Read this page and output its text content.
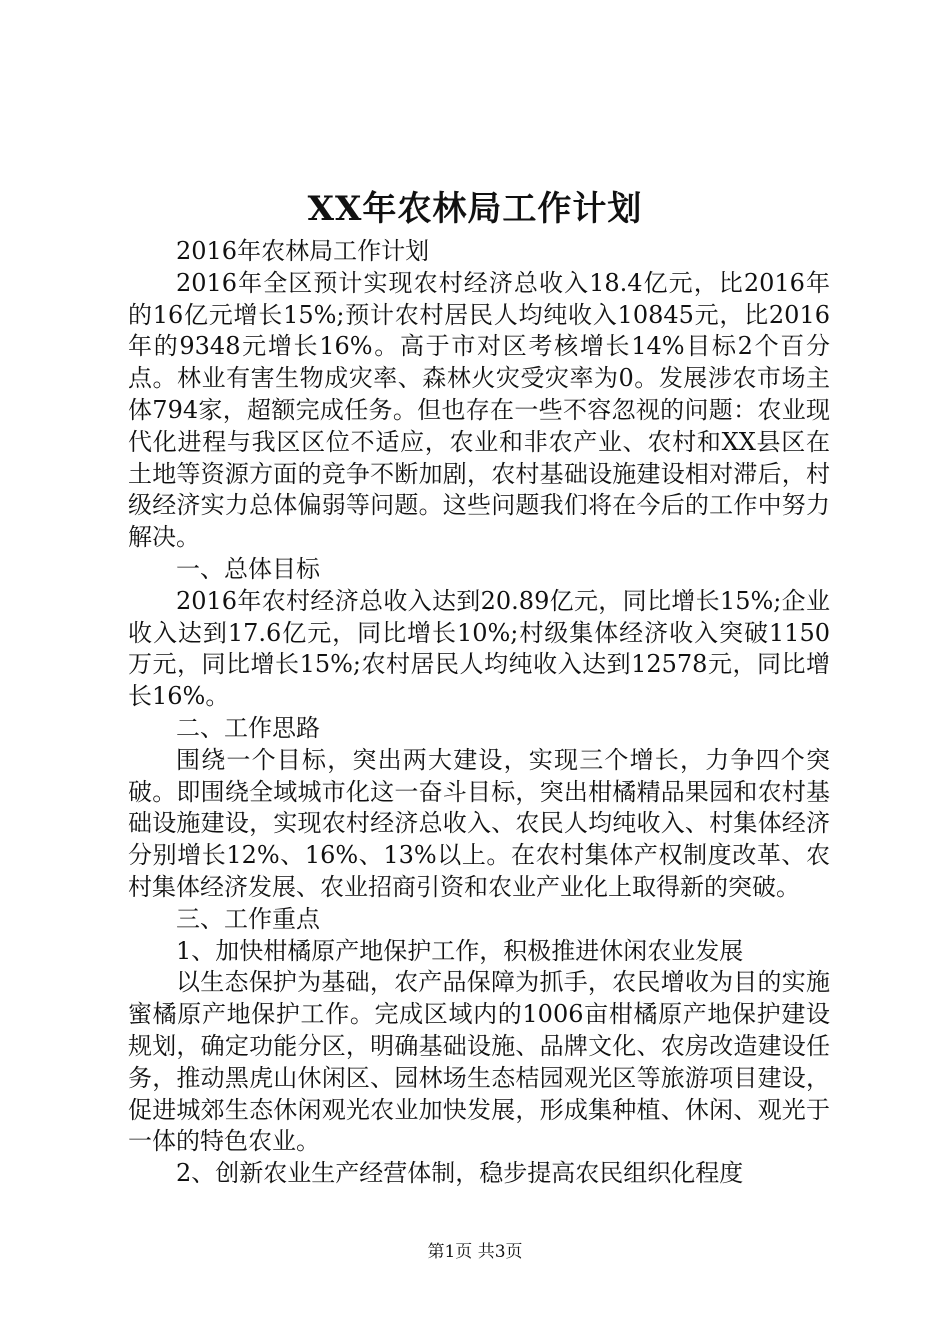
XX年农林局工作计划

2016年农林局工作计划

2016年全区预计实现农村经济总收入18.4亿元，比2016年的16亿元增长15%;预计农村居民人均纯收入10845元，比2016年的9348元增长16%。高于市对区考核增长14%目标2个百分点。林业有害生物成灾率、森林火灾受灾率为0。发展涉农市场主体794家，超额完成任务。但也存在一些不容忽视的问题：农业现代化进程与我区区位不适应，农业和非农产业、农村和XX县区在土地等资源方面的竞争不断加剧，农村基础设施建设相对滞后，村级经济实力总体偏弱等问题。这些问题我们将在今后的工作中努力解决。

一、总体目标

2016年农村经济总收入达到20.89亿元，同比增长15%;企业收入达到17.6亿元，同比增长10%;村级集体经济收入突破1150万元，同比增长15%;农村居民人均纯收入达到12578元，同比增长16%。

二、工作思路

围绕一个目标，突出两大建设，实现三个增长，力争四个突破。即围绕全域城市化这一奋斗目标，突出柑橘精品果园和农村基础设施建设，实现农村经济总收入、农民人均纯收入、村集体经济分别增长12%、16%、13%以上。在农村集体产权制度改革、农村集体经济发展、农业招商引资和农业产业化上取得新的突破。

三、工作重点

1、加快柑橘原产地保护工作，积极推进休闲农业发展

以生态保护为基础，农产品保障为抓手，农民增收为目的实施蜜橘原产地保护工作。完成区域内的1006亩柑橘原产地保护建设规划，确定功能分区，明确基础设施、品牌文化、农房改造建设任务，推动黑虎山休闲区、园林场生态桔园观光区等旅游项目建设，促进城郊生态休闲观光农业加快发展，形成集种植、休闲、观光于一体的特色农业。

2、创新农业生产经营体制，稳步提高农民组织化程度

第1页 共3页
